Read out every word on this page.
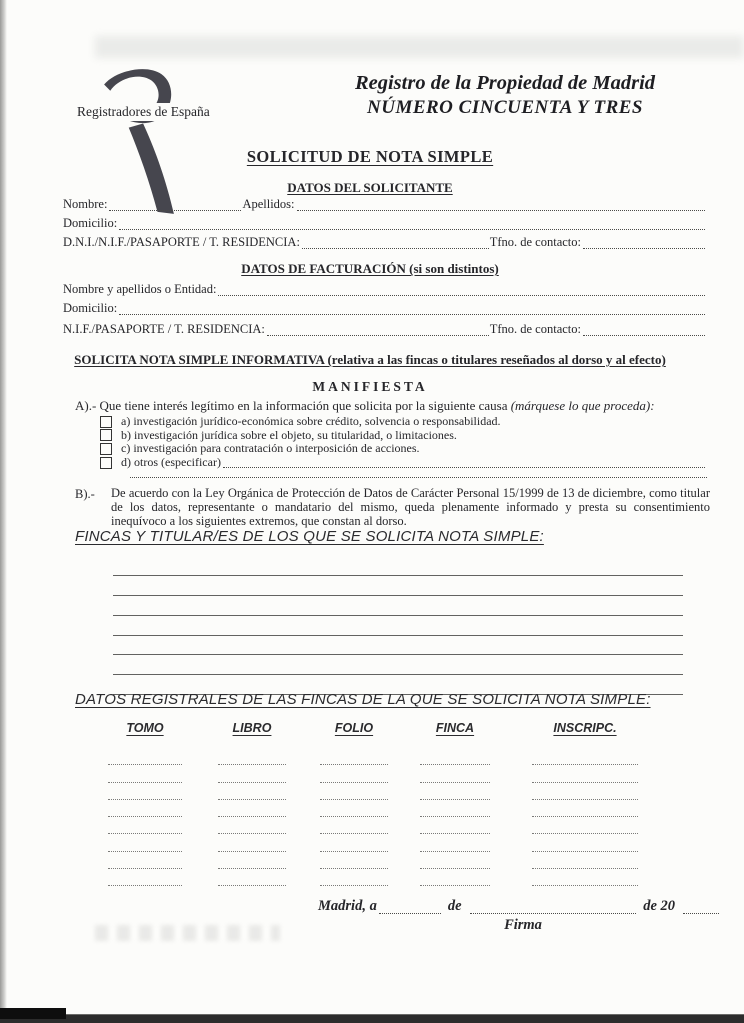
Registradores de España
Registro de la Propiedad de Madrid
NÚMERO CINCUENTA Y TRES
SOLICITUD DE NOTA SIMPLE
DATOS DEL SOLICITANTE
Nombre:	Apellidos:
Domicilio:
D.N.I./N.I.F./PASAPORTE / T. RESIDENCIA:	Tfno. de contacto:
DATOS DE FACTURACIÓN (si son distintos)
Nombre y apellidos o Entidad:
Domicilio:
N.I.F./PASAPORTE / T. RESIDENCIA:	Tfno. de contacto:
SOLICITA NOTA SIMPLE INFORMATIVA (relativa a las fincas o titulares reseñados al dorso y al efecto)
MANIFIESTA
A).- Que tiene interés legítimo en la información que solicita por la siguiente causa (márquese lo que proceda):
a) investigación jurídico-económica sobre crédito, solvencia o responsabilidad.
b) investigación jurídica sobre el objeto, su titularidad, o limitaciones.
c) investigación para contratación o interposición de acciones.
d) otros (especificar)
B).-	De acuerdo con la Ley Orgánica de Protección de Datos de Carácter Personal 15/1999 de 13 de diciembre, como titular de los datos, representante o mandatario del mismo, queda plenamente informado y presta su consentimiento inequívoco a los siguientes extremos, que constan al dorso.
FINCAS Y TITULAR/ES DE LOS QUE SE SOLICITA NOTA SIMPLE:
DATOS REGISTRALES DE LAS FINCAS DE LA QUE SE SOLICITA NOTA SIMPLE:
TOMO	LIBRO	FOLIO	FINCA	INSCRIPC.
Madrid, a	de	de 20
Firma
